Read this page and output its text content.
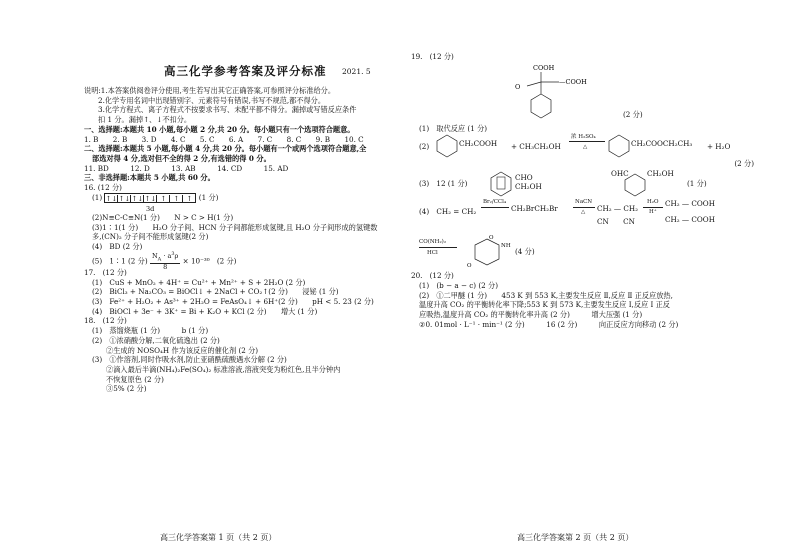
高三化学参考答案及评分标准 2021. 5
说明:1.本答案供阅卷评分使用,考生若写出其它正确答案,可参照评分标准给分。
2.化学专用名词中出现错别字、元素符号有错误,书写不规范,都不得分。
3.化学方程式、离子方程式不按要求书写、未配平都不得分。漏掉或写错反应条件
扣 1 分。漏掉↑、↓不扣分。
一、选择题:本题共 10 小题,每小题 2 分,共 20 分。每小题只有一个选项符合题意。
1. B　　2. B　　3. D　　4. C　　5. C　　6. A　　7. C　　8. C　　9. B　　10. C
二、选择题:本题共 5 小题,每小题 4 分,共 20 分。每小题有一个或两个选项符合题意,全
部选对得 4 分,选对但不全的得 2 分,有选错的得 0 分。
11. BD　　　12. D　　　13. AB　　　14. CD　　　15. AD
三、非选择题:本题共 5 小题,共 60 分。
16. (12 分)
(1) ↑↓↑↓↑↓↑↓ ↑ ↑ ↑ (1 分)
3d
(2)N≡C-C≡N(1 分)　　N > C > H(1 分)
(3)1∶1(1 分)　　H₂O 分子间、HCN 分子间都能形成氢键,且 H₂O 分子间形成的氢键数
多,(CN)₂ 分子间不能形成氢键(2 分)
(4)　BD (2 分)
(5)　1∶1 (2 分) $\frac{N_A \cdot a^3\rho}{8} \times 10^{-30}$　(2 分)
17.　(12 分)
(1)　CuS + MnO₂ + 4H⁺ = Cu²⁺ + Mn²⁺ + S + 2H₂O (2 分)
(2)　BiCl₃ + Na₂CO₃ = BiOCl↓ + 2NaCl + CO₂↑(2 分)　　浸铋 (1 分)
(3)　Fe²⁺ + H₂O₂ + As³⁺ + 2H₂O = FeAsO₄↓ + 6H⁺(2 分)　　pH < 5. 23 (2 分)
(4)　BiOCl + 3e⁻ + 3K⁺ = Bi + K₂O + KCl (2 分)　　增大 (1 分)
18.　(12 分)
(1)　蒸馏烧瓶 (1 分)　　　b (1 分)
(2)　①浓硝酸分解,二氧化硫逸出 (2 分)
②生成的 NOSO₄H 作为该反应的催化剂 (2 分)
(3)　①作溶剂,同时作吸水剂,防止亚硝酰硫酸遇水分解 (2 分)
②滴入最后半滴(NH₄)₂Fe(SO₄)₂ 标准溶液,溶液突变为粉红色,且半分钟内
不恢复原色 (2 分)
③5% (2 分)
高三化学答案第 1 页（共 2 页）
19.　(12 分)
COOH
—COOH
O
(2 分)
(1)　取代反应 (1 分)
(2)	CH₂COOH + CH₃CH₂OH
浓 H₂SO₄
△	CH₂COOCH₂CH₃ + H₂O
(2 分)
(3)　12 (1 分)
CHO
CH₂OH
OHC	CH₂OH
(1 分)
(4)　CH₂ = CH₂
Br₂/CCl₄
CH₂BrCH₂Br
NaCN
△ CH₂ — CH₂
CN　　CN
H₂O
H⁺
CH₂ — COOH
CH₂ — COOH
CO(NH₂)₂
HCl
O
O
NH
(4 分)
20.　(12 分)
(1)　(b − a − c) (2 分)
(2)　①二甲醚 (1 分)　　453 K 到 553 K,主要发生反应 Ⅱ,反应 Ⅱ 正反应放热,
温度升高 CO₂ 的平衡转化率下降;553 K 到 573 K,主要发生反应 Ⅰ,反应 Ⅰ 正反
应吸热,温度升高 CO₂ 的平衡转化率升高 (2 分)　　　增大压强 (1 分)
②0. 01mol · L⁻¹ · min⁻¹ (2 分)　　　16 (2 分)　　　向正反应方向移动 (2 分)
高三化学答案第 2 页（共 2 页）
